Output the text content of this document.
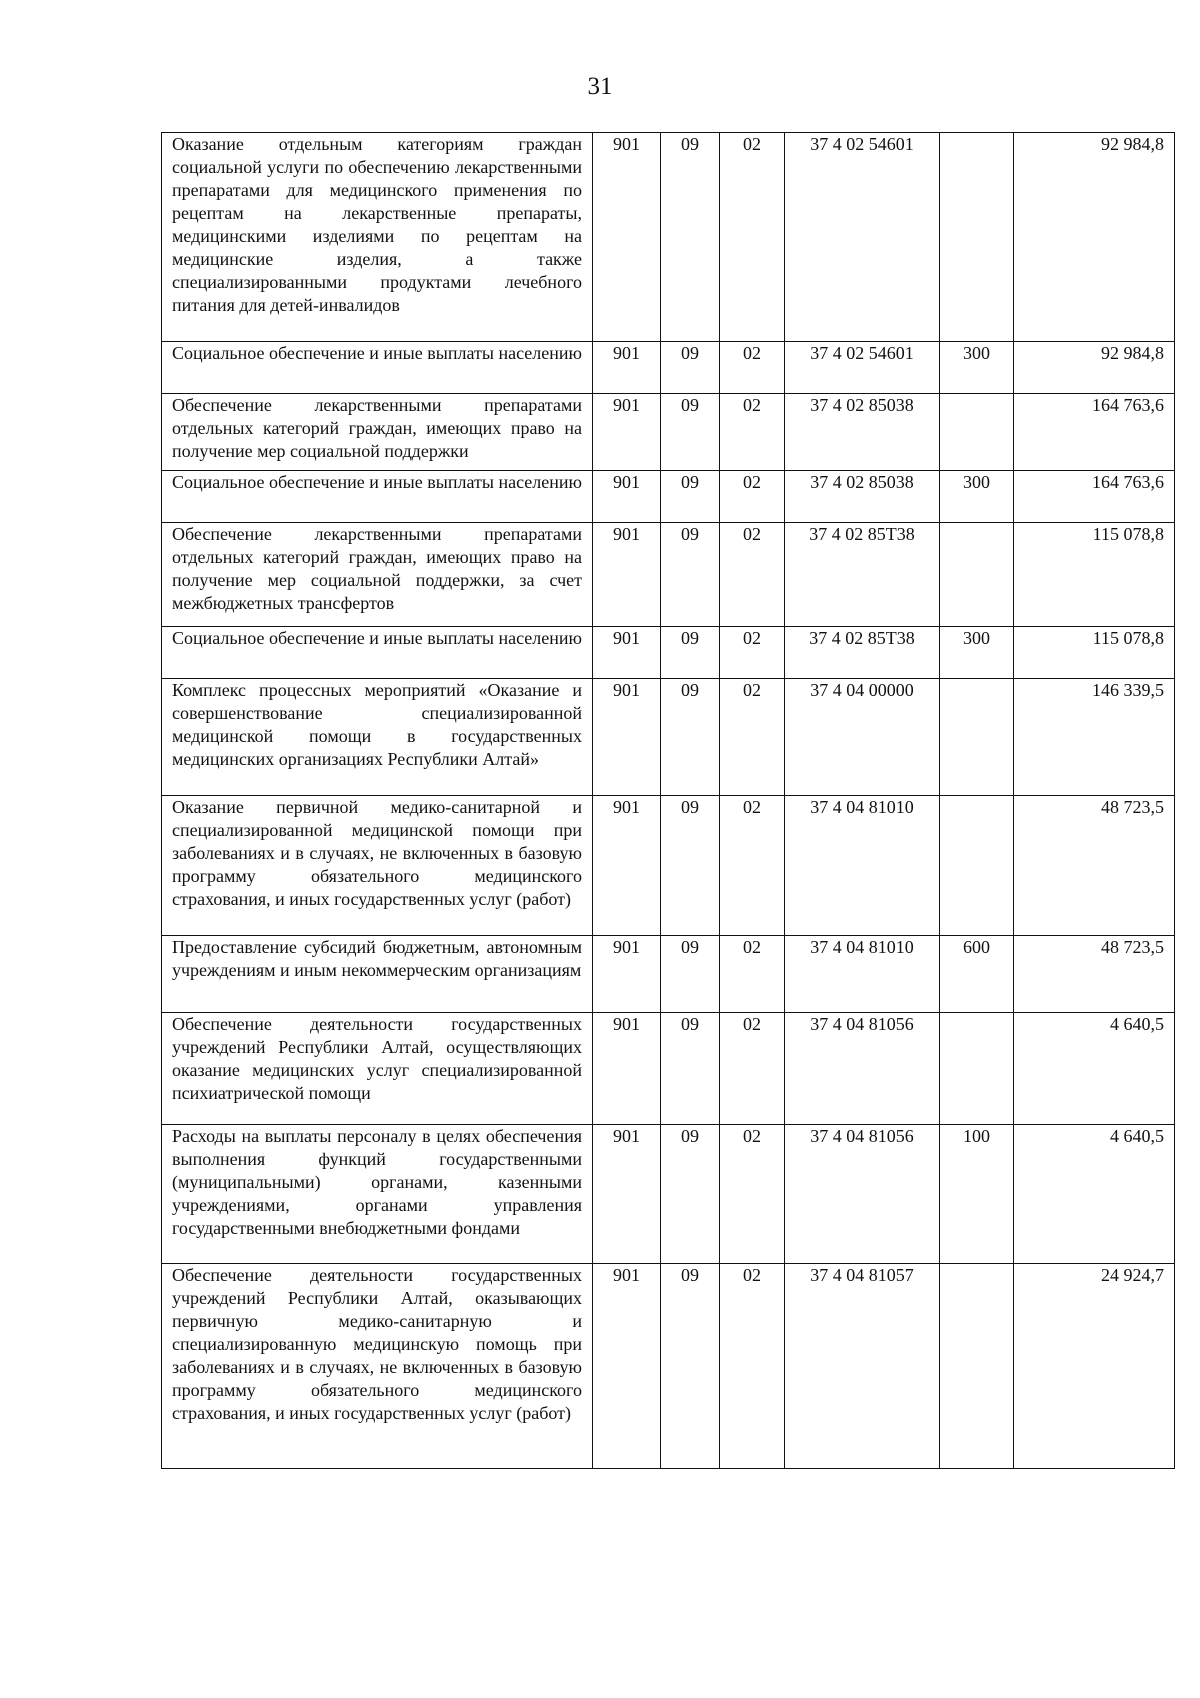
31
Оказание отдельным категориям граждан социальной услуги по обеспечению лекарственными препаратами для медицинского применения по рецептам на лекарственные препараты, медицинскими изделиями по рецептам на медицинские изделия, а также специализированными продуктами лечебного питания для детей-инвалидов	901	09	02	37 4 02 54601		92 984,8
Социальное обеспечение и иные выплаты населению	901	09	02	37 4 02 54601	300	92 984,8
Обеспечение лекарственными препаратами отдельных категорий граждан, имеющих право на получение мер социальной поддержки	901	09	02	37 4 02 85038		164 763,6
Социальное обеспечение и иные выплаты населению	901	09	02	37 4 02 85038	300	164 763,6
Обеспечение лекарственными препаратами отдельных категорий граждан, имеющих право на получение мер социальной поддержки, за счет межбюджетных трансфертов	901	09	02	37 4 02 85Т38		115 078,8
Социальное обеспечение и иные выплаты населению	901	09	02	37 4 02 85Т38	300	115 078,8
Комплекс процессных мероприятий «Оказание и совершенствование специализированной медицинской помощи в государственных медицинских организациях Республики Алтай»	901	09	02	37 4 04 00000		146 339,5
Оказание первичной медико-санитарной и специализированной медицинской помощи при заболеваниях и в случаях, не включенных в базовую программу обязательного медицинского страхования, и иных государственных услуг (работ)	901	09	02	37 4 04 81010		48 723,5
Предоставление субсидий бюджетным, автономным учреждениям и иным некоммерческим организациям	901	09	02	37 4 04 81010	600	48 723,5
Обеспечение деятельности государственных учреждений Республики Алтай, осуществляющих оказание медицинских услуг специализированной психиатрической помощи	901	09	02	37 4 04 81056		4 640,5
Расходы на выплаты персоналу в целях обеспечения выполнения функций государственными (муниципальными) органами, казенными учреждениями, органами управления государственными внебюджетными фондами	901	09	02	37 4 04 81056	100	4 640,5
Обеспечение деятельности государственных учреждений Республики Алтай, оказывающих первичную медико-санитарную и специализированную медицинскую помощь при заболеваниях и в случаях, не включенных в базовую программу обязательного медицинского страхования, и иных государственных услуг (работ)	901	09	02	37 4 04 81057		24 924,7
